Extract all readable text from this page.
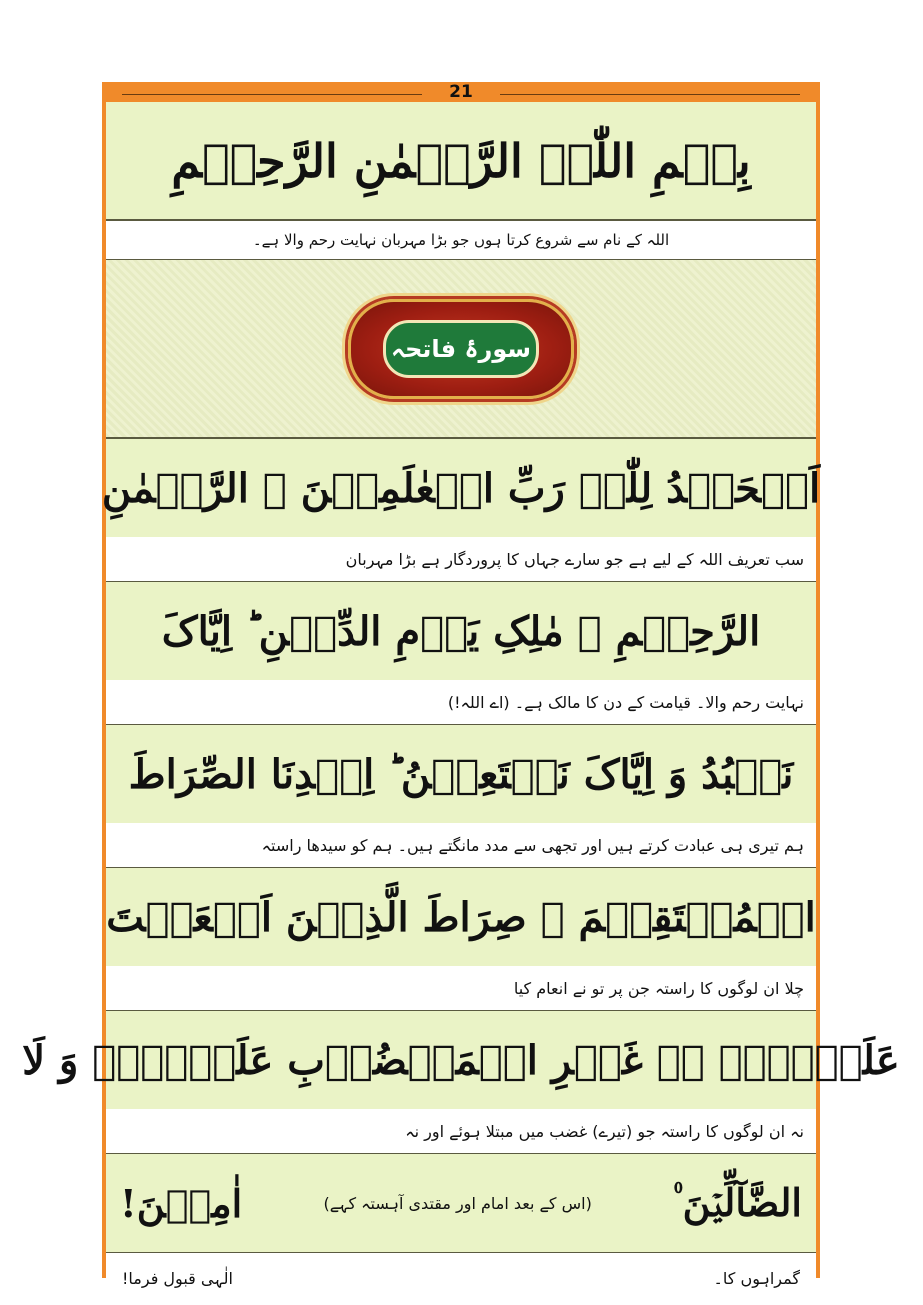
21
بِسۡمِ اللّٰہِ الرَّحۡمٰنِ الرَّحِیۡمِ
اللہ کے نام سے شروع کرتا ہوں جو بڑا مہربان نہایت رحم والا ہے۔
سورۂ فاتحہ
اَلۡحَمۡدُ لِلّٰہِ رَبِّ الۡعٰلَمِیۡنَ ۙ الرَّحۡمٰنِ
سب تعریف اللہ کے لیے ہے جو سارے جہاں کا پروردگار ہے بڑا مہربان
الرَّحِیۡمِ ۙ مٰلِکِ یَوۡمِ الدِّیۡنِ ؕ اِیَّاکَ
نہایت رحم والا۔ قیامت کے دن کا مالک ہے۔ (اے اللہ!)
نَعۡبُدُ وَ اِیَّاکَ نَسۡتَعِیۡنُ ؕ اِہۡدِنَا الصِّرَاطَ
ہم تیری ہی عبادت کرتے ہیں اور تجھی سے مدد مانگتے ہیں۔ ہم کو سیدھا راستہ
الۡمُسۡتَقِیۡمَ ۙ صِرَاطَ الَّذِیۡنَ اَنۡعَمۡتَ
چلا ان لوگوں کا راستہ جن پر تو نے انعام کیا
عَلَیۡہِمۡ ۬ۙ غَیۡرِ الۡمَغۡضُوۡبِ عَلَیۡہِمۡ وَ لَا
نہ ان لوگوں کا راستہ جو (تیرے) غضب میں مبتلا ہوئے اور نہ
الضَّآلِّیۡنَ ۠
(اس کے بعد امام اور مقتدی آہستہ کہے)
اٰمِیۡنَ!
گمراہوں کا۔
الٰہی قبول فرما!
